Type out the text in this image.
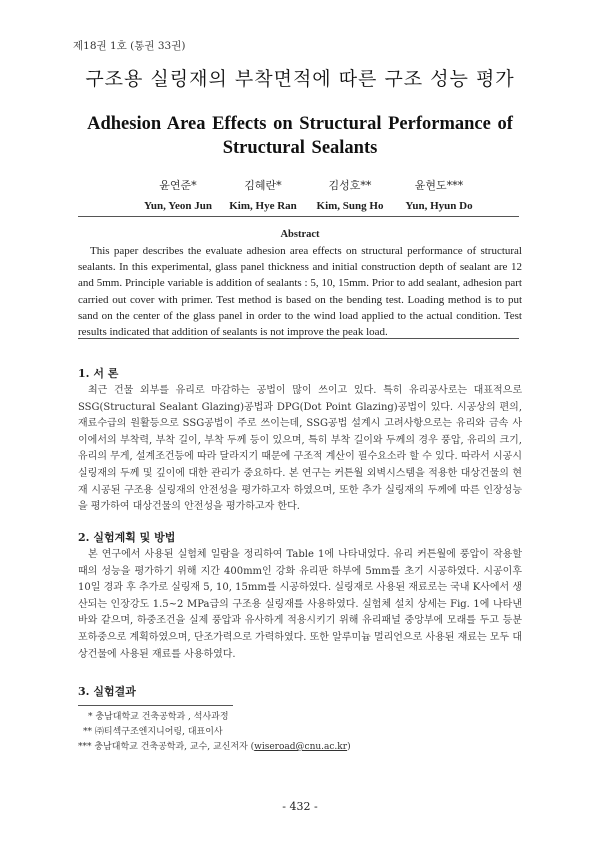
제18권 1호 (통권 33권)
구조용 실링재의 부착면적에 따른 구조 성능 평가
Adhesion Area Effects on Structural Performance of
Structural Sealants
윤연준*
Yun, Yeon Jun
김혜란*
Kim, Hye Ran
김성호**
Kim, Sung Ho
윤현도***
Yun, Hyun Do
Abstract
This paper describes the evaluate adhesion area effects on structural performance of structural sealants. In this experimental, glass panel thickness and initial construction depth of sealant are 12 and 5mm. Principle variable is addition of sealants : 5, 10, 15mm. Prior to add sealant, adhesion part carried out cover with primer. Test method is based on the bending test. Loading method is to put sand on the center of the glass panel in order to the wind load applied to the actual condition. Test results indicated that addition of sealants is not improve the peak load.
1. 서 론
최근 건물 외부를 유리로 마감하는 공법이 많이 쓰이고 있다. 특히 유리공사로는 대표적으로 SSG(Structural Sealant Glazing)공법과 DPG(Dot Point Glazing)공법이 있다. 시공상의 편의, 재료수급의 원활등으로 SSG공법이 주로 쓰이는데, SSG공법 설계시 고려사항으로는 유리와 금속 사이에서의 부착력, 부착 길이, 부착 두께 등이 있으며, 특히 부착 길이와 두께의 경우 풍압, 유리의 크기, 유리의 무게, 설계조건등에 따라 달라지기 때문에 구조적 계산이 필수요소라 할 수 있다. 따라서 시공시 실링재의 두께 및 깊이에 대한 관리가 중요하다. 본 연구는 커튼월 외벽시스템을 적용한 대상건물의 현재 시공된 구조용 실링재의 안전성을 평가하고자 하였으며, 또한 추가 실링재의 두께에 따른 인장성능을 평가하여 대상건물의 안전성을 평가하고자 한다.
2. 실험계획 및 방법
본 연구에서 사용된 실험체 일람을 정리하여 Table 1에 나타내었다. 유리 커튼월에 풍압이 작용할 때의 성능을 평가하기 위해 지간 400mm인 강화 유리판 하부에 5mm를 초기 시공하였다. 시공이후 10일 경과 후 추가로 실링재 5, 10, 15mm를 시공하였다. 실링재로 사용된 재료로는 국내 K사에서 생산되는 인장강도 1.5~2 MPa급의 구조용 실링재를 사용하였다. 실험체 설치 상세는 Fig. 1에 나타낸 바와 같으며, 하중조건을 실제 풍압과 유사하게 적용시키기 위해 유리패널 중앙부에 모래를 두고 등분포하중으로 계획하였으며, 단조가력으로 가력하였다. 또한 알루미늄 멀리언으로 사용된 재료는 모두 대상건물에 사용된 재료를 사용하였다.
3. 실험결과
* 충남대학교 건축공학과 , 석사과정
** ㈜티섹구조엔지니어링, 대표이사
*** 충남대학교 건축공학과, 교수, 교신저자 (wiseroad@cnu.ac.kr)
- 432 -
